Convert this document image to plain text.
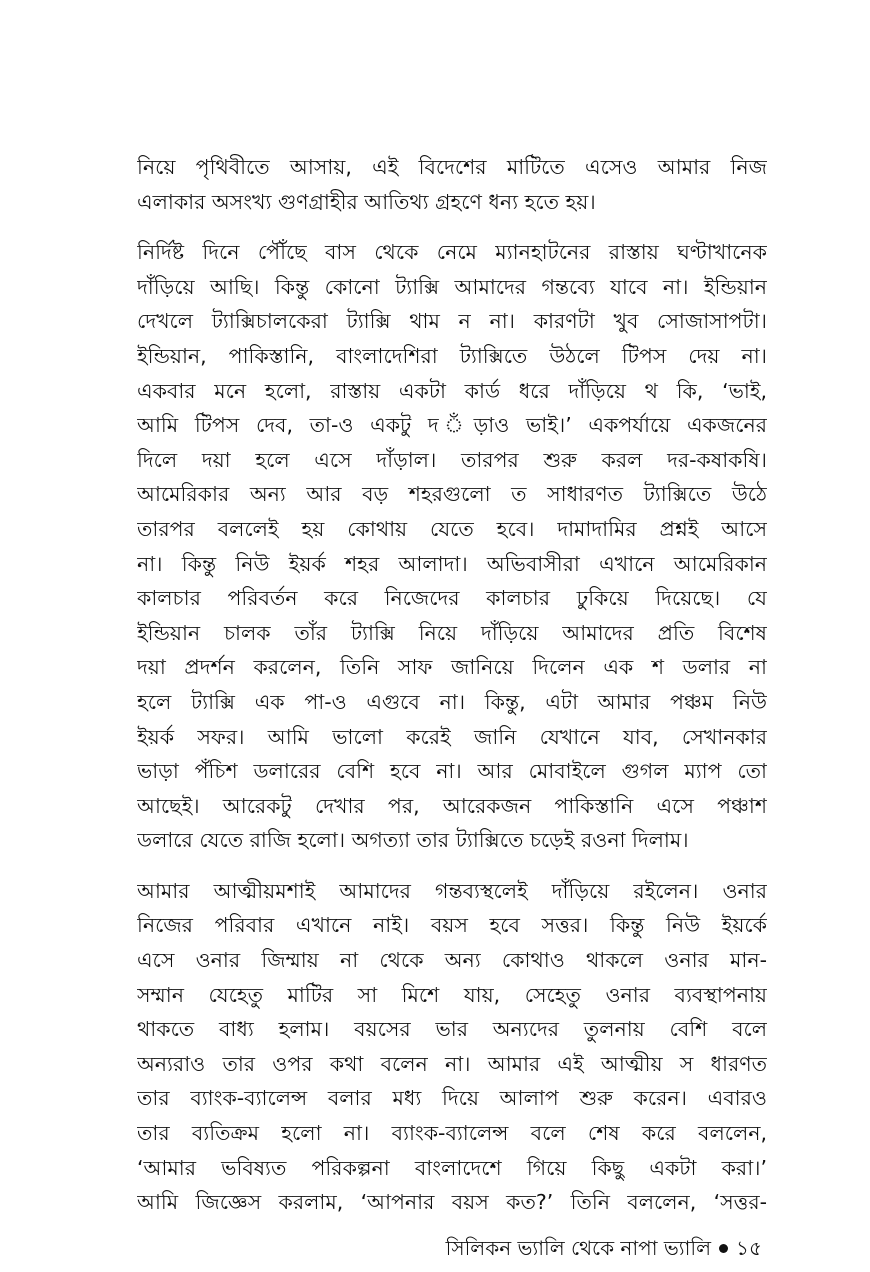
নিয়ে পৃথিবীতে আসায়, এই বিদেশের মাটিতে এসেও আমার নিজ
এলাকার অসংখ্য গুণগ্রাহীর আতিথ্য গ্রহণে ধন্য হতে হয়।
নির্দিষ্ট দিনে পৌঁছে বাস থেকে নেমে ম্যানহাটনের রাস্তায় ঘণ্টাখানেক
দাঁড়িয়ে আছি। কিন্তু কোনো ট্যাক্সি আমাদের গন্তব্যে যাবে না। ইন্ডিয়ান
দেখলে ট্যাক্সিচালকেরা ট্যাক্সি থাম ন না। কারণটা খুব সোজাসাপটা।
ইন্ডিয়ান, পাকিস্তানি, বাংলাদেশিরা ট্যাক্সিতে উঠলে টিপস দেয় না।
একবার মনে হলো, রাস্তায় একটা কার্ড ধরে দাঁড়িয়ে থ কি, ‘ভাই,
আমি টিপস দেব, তা-ও একটু দ ঁড়াও ভাই।’ একপর্যায়ে একজনের
দিলে দয়া হলে এসে দাঁড়াল। তারপর শুরু করল দর-কষাকষি।
আমেরিকার অন্য আর বড় শহরগুলো ত সাধারণত ট্যাক্সিতে উঠে
তারপর বললেই হয় কোথায় যেতে হবে। দামাদামির প্রশ্নই আসে
না। কিন্তু নিউ ইয়র্ক শহর আলাদা। অভিবাসীরা এখানে আমেরিকান
কালচার পরিবর্তন করে নিজেদের কালচার ঢুকিয়ে দিয়েছে। যে
ইন্ডিয়ান চালক তাঁর ট্যাক্সি নিয়ে দাঁড়িয়ে আমাদের প্রতি বিশেষ
দয়া প্রদর্শন করলেন, তিনি সাফ জানিয়ে দিলেন এক শ ডলার না
হলে ট্যাক্সি এক পা-ও এগুবে না। কিন্তু, এটা আমার পঞ্চম নিউ
ইয়র্ক সফর। আমি ভালো করেই জানি যেখানে যাব, সেখানকার
ভাড়া পঁচিশ ডলারের বেশি হবে না। আর মোবাইলে গুগল ম্যাপ তো
আছেই। আরেকটু দেখার পর, আরেকজন পাকিস্তানি এসে পঞ্চাশ
ডলারে যেতে রাজি হলো। অগত্যা তার ট্যাক্সিতে চড়েই রওনা দিলাম।
আমার আত্মীয়মশাই আমাদের গন্তব্যস্থলেই দাঁড়িয়ে রইলেন। ওনার
নিজের পরিবার এখানে নাই। বয়স হবে সত্তর। কিন্তু নিউ ইয়র্কে
এসে ওনার জিম্মায় না থেকে অন্য কোথাও থাকলে ওনার মান-
সম্মান যেহেতু মাটির সা মিশে যায়, সেহেতু ওনার ব্যবস্থাপনায়
থাকতে বাধ্য হলাম। বয়সের ভার অন্যদের তুলনায় বেশি বলে
অন্যরাও তার ওপর কথা বলেন না। আমার এই আত্মীয় স ধারণত
তার ব্যাংক-ব্যালেন্স বলার মধ্য দিয়ে আলাপ শুরু করেন। এবারও
তার ব্যতিক্রম হলো না। ব্যাংক-ব্যালেন্স বলে শেষ করে বললেন,
‘আমার ভবিষ্যত পরিকল্পনা বাংলাদেশে গিয়ে কিছু একটা করা।’
আমি জিজ্ঞেস করলাম, ‘আপনার বয়স কত?’ তিনি বললেন, ‘সত্তর-
সিলিকন ভ্যালি থেকে নাপা ভ্যালি ১৫
